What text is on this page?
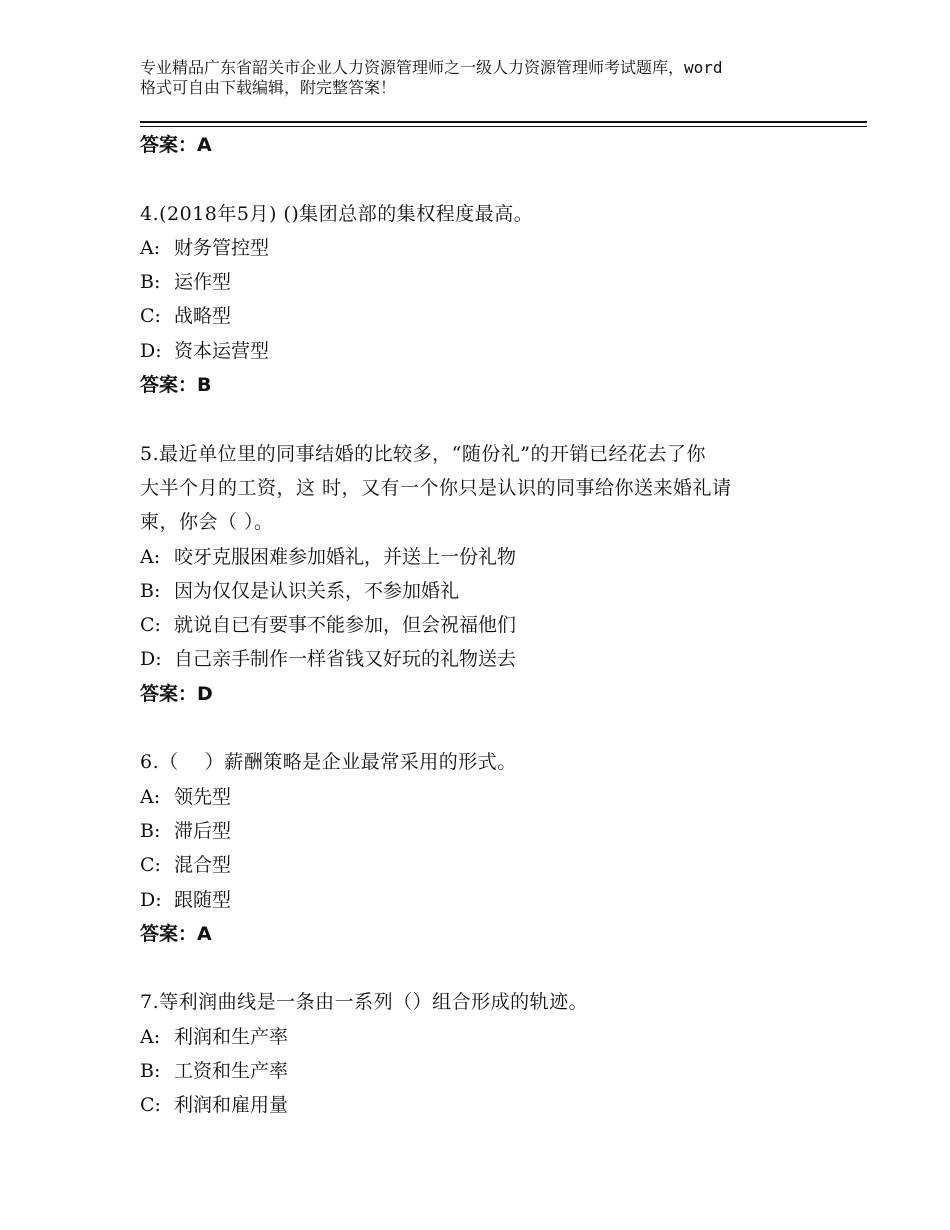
专业精品广东省韶关市企业人力资源管理师之一级人力资源管理师考试题库，word
格式可自由下载编辑，附完整答案！
答案：A
4.(2018年5月) ()集团总部的集权程度最高。
A: 财务管控型
B: 运作型
C: 战略型
D: 资本运营型
答案：B
5.最近单位里的同事结婚的比较多，“随份礼”的开销已经花去了你
大半个月的工资，这 时，又有一个你只是认识的同事给你送来婚礼请
柬，你会（ ）。
A: 咬牙克服困难参加婚礼，并送上一份礼物
B: 因为仅仅是认识关系，不参加婚礼
C: 就说自已有要事不能参加，但会祝福他们
D: 自己亲手制作一样省钱又好玩的礼物送去
答案：D
6.（    ）薪酬策略是企业最常采用的形式。
A: 领先型
B: 滞后型
C: 混合型
D: 跟随型
答案：A
7.等利润曲线是一条由一系列（）组合形成的轨迹。
A: 利润和生产率
B: 工资和生产率
C: 利润和雇用量
